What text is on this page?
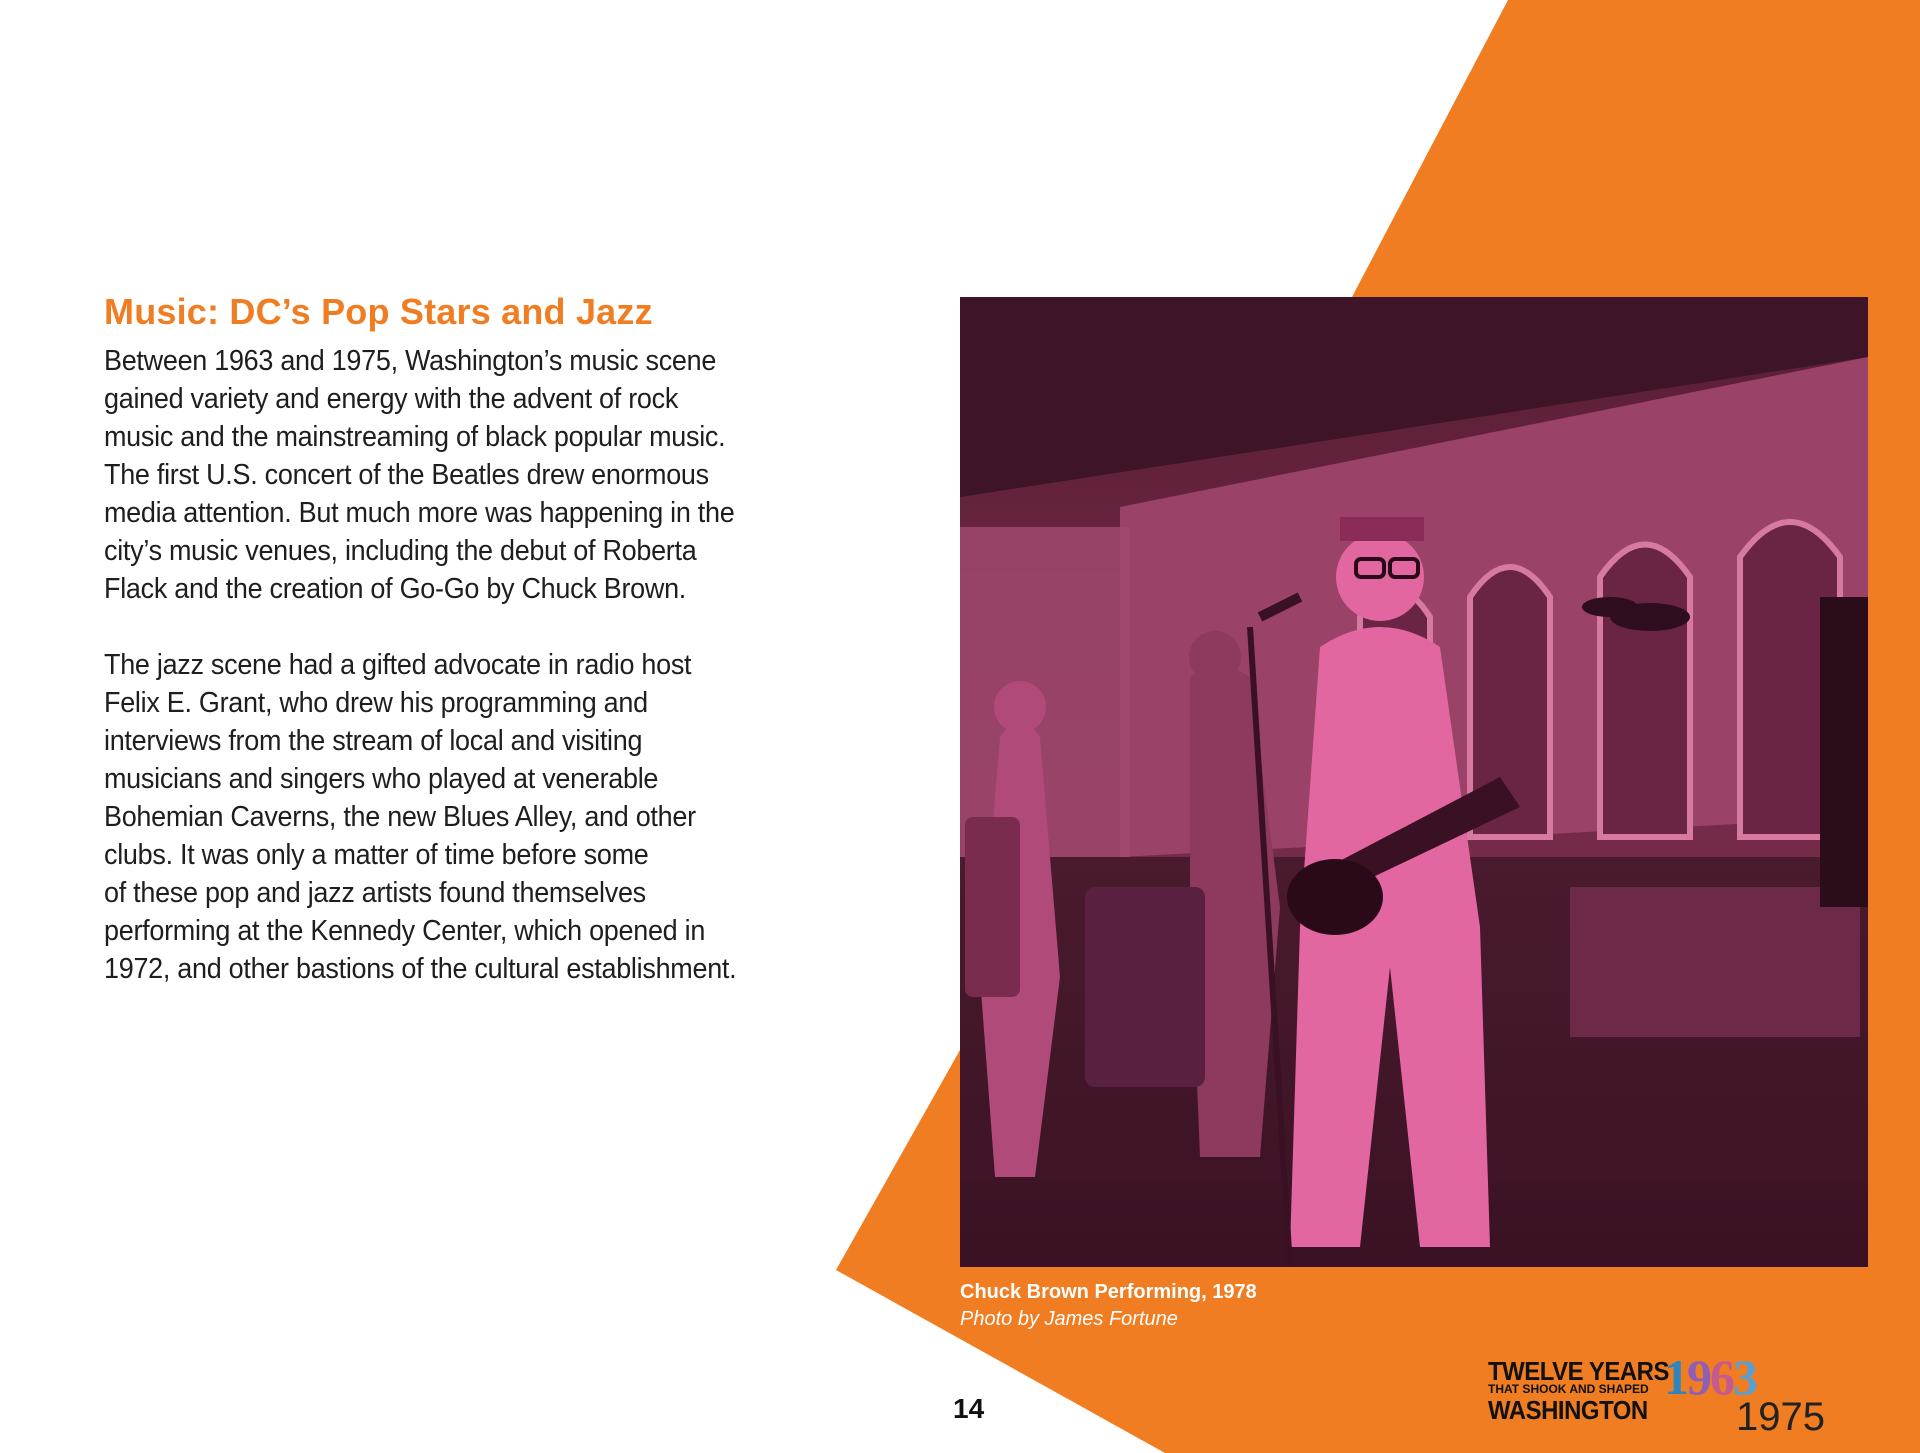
Music: DC’s Pop Stars and Jazz

Between 1963 and 1975, Washington’s music scene
gained variety and energy with the advent of rock
music and the mainstreaming of black popular music.
The first U.S. concert of the Beatles drew enormous
media attention. But much more was happening in the
city’s music venues, including the debut of Roberta
Flack and the creation of Go-Go by Chuck Brown.

The jazz scene had a gifted advocate in radio host
Felix E. Grant, who drew his programming and
interviews from the stream of local and visiting
musicians and singers who played at venerable
Bohemian Caverns, the new Blues Alley, and other
clubs. It was only a matter of time before some
of these pop and jazz artists found themselves
performing at the Kennedy Center, which opened in
1972, and other bastions of the cultural establishment.

Chuck Brown Performing, 1978
Photo by James Fortune
14
TWELVE YEARS
THAT SHOOK AND SHAPED
WASHINGTON
1963
1975
